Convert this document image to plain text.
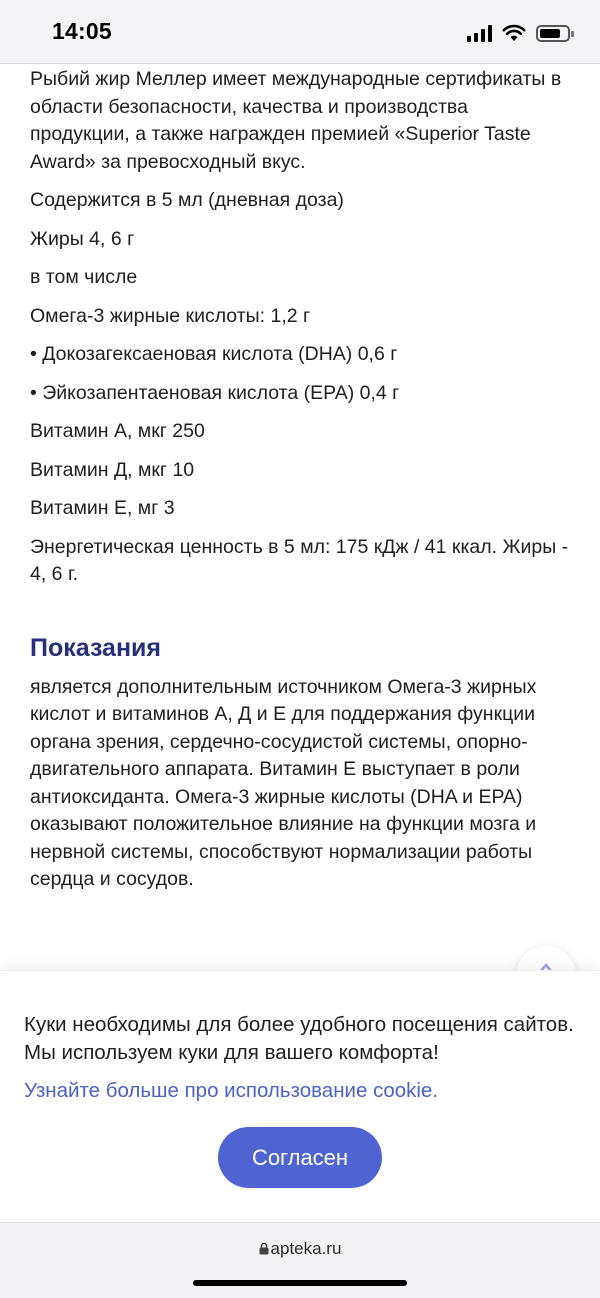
14:05

Рыбий жир Меллер имеет международные сертификаты в области безопасности, качества и производства продукции, а также награжден премией «Superior Taste Award» за превосходный вкус.

Содержится в 5 мл (дневная доза)

Жиры 4, 6 г

в том числе

Омега-3 жирные кислоты: 1,2 г

• Докозагексаеновая кислота (DHA) 0,6 г

• Эйкозапентаеновая кислота (EPA) 0,4 г

Витамин А, мкг 250

Витамин Д, мкг 10

Витамин Е, мг 3

Энергетическая ценность в 5 мл: 175 кДж / 41 ккал. Жиры - 4, 6 г.

Показания

является дополнительным источником Омега-3 жирных кислот и витаминов А, Д и Е для поддержания функции органа зрения, сердечно-сосудистой системы, опорно-двигательного аппарата. Витамин Е выступает в роли антиоксиданта. Омега-3 жирные кислоты (DHA и EPA) оказывают положительное влияние на функции мозга и нервной системы, способствуют нормализации работы сердца и сосудов.

Куки необходимы для более удобного посещения сайтов. Мы используем куки для вашего комфорта!

Узнайте больше про использование cookie.
Согласен
apteka.ru
